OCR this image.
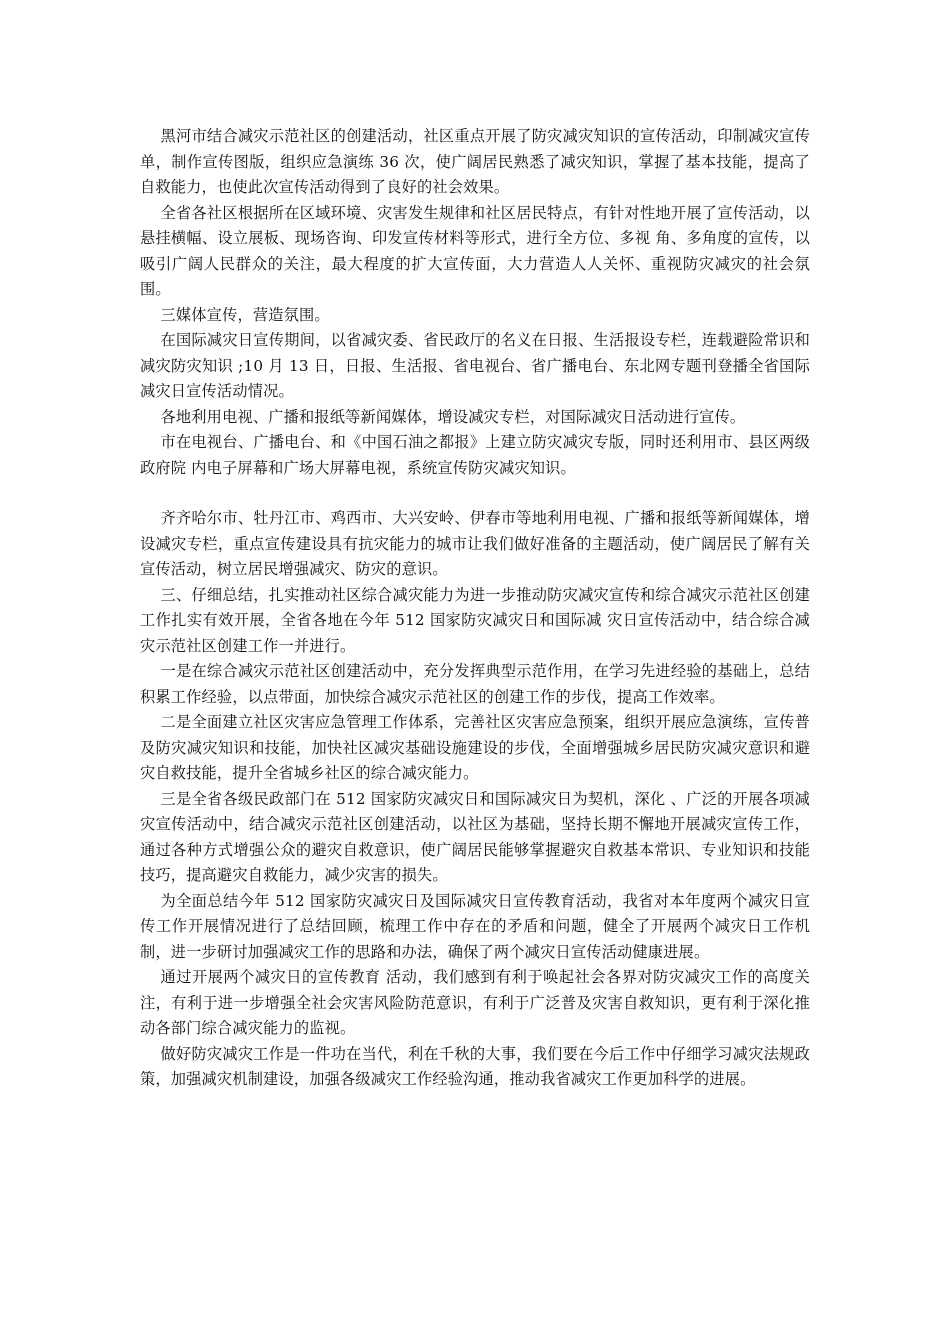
黑河市结合减灾示范社区的创建活动，社区重点开展了防灾减灾知识的宣传活动，印制减灾宣传单，制作宣传图版，组织应急演练 36 次，使广阔居民熟悉了减灾知识，掌握了基本技能，提高了自救能力，也使此次宣传活动得到了良好的社会效果。

全省各社区根据所在区域环境、灾害发生规律和社区居民特点，有针对性地开展了宣传活动，以悬挂横幅、设立展板、现场咨询、印发宣传材料等形式，进行全方位、多视 角、多角度的宣传，以吸引广阔人民群众的关注，最大程度的扩大宣传面，大力营造人人关怀、重视防灾减灾的社会氛围。

三媒体宣传，营造氛围。

在国际减灾日宣传期间，以省减灾委、省民政厅的名义在日报、生活报设专栏，连载避险常识和减灾防灾知识 ;10 月 13 日，日报、生活报、省电视台、省广播电台、东北网专题刊登播全省国际减灾日宣传活动情况。

各地利用电视、广播和报纸等新闻媒体，增设减灾专栏，对国际减灾日活动进行宣传。

市在电视台、广播电台、和《中国石油之都报》上建立防灾减灾专版，同时还利用市、县区两级政府院 内电子屏幕和广场大屏幕电视，系统宣传防灾减灾知识。

齐齐哈尔市、牡丹江市、鸡西市、大兴安岭、伊春市等地利用电视、广播和报纸等新闻媒体，增设减灾专栏，重点宣传建设具有抗灾能力的城市让我们做好准备的主题活动，使广阔居民了解有关宣传活动，树立居民增强减灾、防灾的意识。

三、仔细总结，扎实推动社区综合减灾能力为进一步推动防灾减灾宣传和综合减灾示范社区创建工作扎实有效开展，全省各地在今年 512 国家防灾减灾日和国际减 灾日宣传活动中，结合综合减灾示范社区创建工作一并进行。

一是在综合减灾示范社区创建活动中，充分发挥典型示范作用，在学习先进经验的基础上，总结积累工作经验，以点带面，加快综合减灾示范社区的创建工作的步伐，提高工作效率。

二是全面建立社区灾害应急管理工作体系，完善社区灾害应急预案，组织开展应急演练，宣传普及防灾减灾知识和技能，加快社区减灾基础设施建设的步伐，全面增强城乡居民防灾减灾意识和避灾自救技能，提升全省城乡社区的综合减灾能力。

三是全省各级民政部门在 512 国家防灾减灾日和国际减灾日为契机，深化 、广泛的开展各项减灾宣传活动中，结合减灾示范社区创建活动，以社区为基础，坚持长期不懈地开展减灾宣传工作，通过各种方式增强公众的避灾自救意识，使广阔居民能够掌握避灾自救基本常识、专业知识和技能技巧，提高避灾自救能力，减少灾害的损失。

为全面总结今年 512 国家防灾减灾日及国际减灾日宣传教育活动，我省对本年度两个减灾日宣传工作开展情况进行了总结回顾，梳理工作中存在的矛盾和问题，健全了开展两个减灾日工作机制，进一步研讨加强减灾工作的思路和办法，确保了两个减灾日宣传活动健康进展。

通过开展两个减灾日的宣传教育 活动，我们感到有利于唤起社会各界对防灾减灾工作的高度关注，有利于进一步增强全社会灾害风险防范意识，有利于广泛普及灾害自救知识，更有利于深化推动各部门综合减灾能力的监视。

做好防灾减灾工作是一件功在当代，利在千秋的大事，我们要在今后工作中仔细学习减灾法规政策，加强减灾机制建设，加强各级减灾工作经验沟通，推动我省减灾工作更加科学的进展。
